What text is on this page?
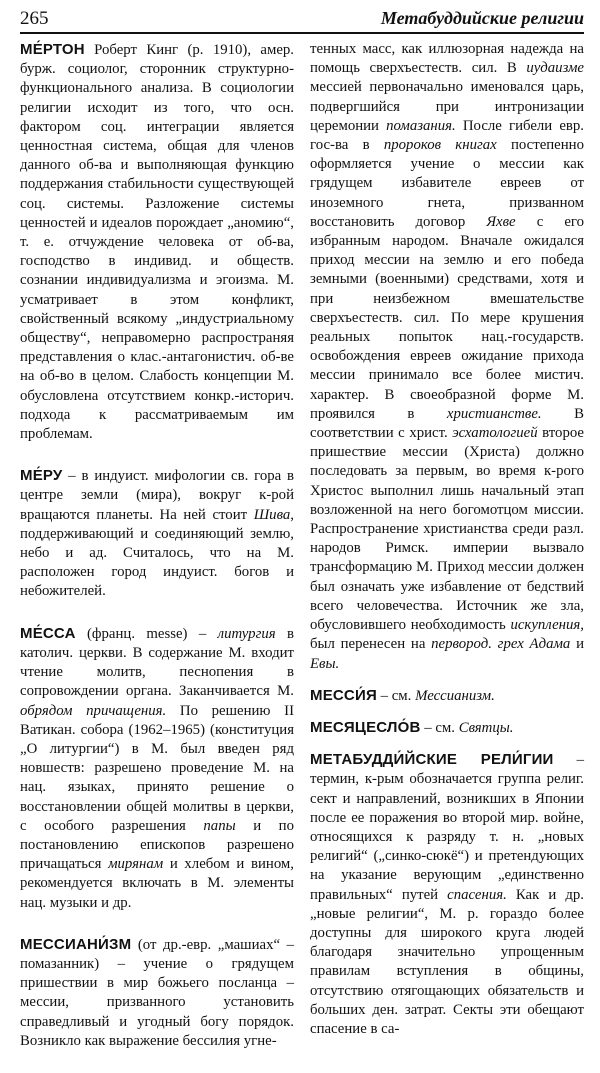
265	Метабуддийские религии

МЕ́РТОН Роберт Кинг (р. 1910), амер. бурж. социолог, сторонник структурно-функционального анализа. В социологии религии исходит из того, что осн. фактором соц. интеграции является ценностная система, общая для членов данного об-ва и выполняющая функцию поддержания стабильности существующей соц. системы. Разложение системы ценностей и идеалов порождает „аномию“, т. е. отчуждение человека от об-ва, господство в индивид. и обществ. сознании индивидуализма и эгоизма. М. усматривает в этом конфликт, свойственный всякому „индустриальному обществу“, неправомерно распространяя представления о клас.-антагонистич. об-ве на об-во в целом. Слабость концепции М. обусловлена отсутствием конкр.-историч. подхода к рассматриваемым им проблемам.

МЕ́РУ – в индуист. мифологии св. гора в центре земли (мира), вокруг к-рой вращаются планеты. На ней стоит Шива, поддерживающий и соединяющий землю, небо и ад. Считалось, что на М. расположен город индуист. богов и небожителей.

МЕ́ССА (франц. messe) – литургия в католич. церкви. В содержание М. входит чтение молитв, песнопения в сопровождении органа. Заканчивается М. обрядом причащения. По решению II Ватикан. собора (1962–1965) (конституция „О литургии“) в М. был введен ряд новшеств: разрешено проведение М. на нац. языках, принято решение о восстановлении общей молитвы в церкви, с особого разрешения папы и по постановлению епископов разрешено причащаться мирянам и хлебом и вином, рекомендуется включать в М. элементы нац. музыки и др.

МЕССИАНИ́ЗМ (от др.-евр. „машиах“ – помазанник) – учение о грядущем пришествии в мир божьего посланца – мессии, призванного установить справедливый и угодный богу порядок. Возникло как выражение бессилия угне-

тенных масс, как иллюзорная надежда на помощь сверхъестеств. сил. В иудаизме мессией первоначально именовался царь, подвергшийся при интронизации церемонии помазания. После гибели евр. гос-ва в пророков книгах постепенно оформляется учение о мессии как грядущем избавителе евреев от иноземного гнета, призванном восстановить договор Яхве с его избранным народом. Вначале ожидался приход мессии на землю и его победа земными (военными) средствами, хотя и при неизбежном вмешательстве сверхъестеств. сил. По мере крушения реальных попыток нац.-государств. освобождения евреев ожидание прихода мессии принимало все более мистич. характер. В своеобразной форме М. проявился в христианстве. В соответствии с христ. эсхатологией второе пришествие мессии (Христа) должно последовать за первым, во время к-рого Христос выполнил лишь начальный этап возложенной на него богомотцом миссии. Распространение христианства среди разл. народов Римск. империи вызвало трансформацию М. Приход мессии должен был означать уже избавление от бедствий всего человечества. Источник же зла, обусловившего необходимость искупления, был перенесен на первород. грех Адама и Евы.

МЕССИ́Я – см. Мессианизм.

МЕСЯЦЕСЛО́В – см. Святцы.

МЕТАБУДДИ́ЙСКИЕ РЕЛИ́ГИИ – термин, к-рым обозначается группа религ. сект и направлений, возникших в Японии после ее поражения во второй мир. войне, относящихся к разряду т. н. „новых религий“ („синко-сюкё“) и претендующих на указание верующим „единственно правильных“ путей спасения. Как и др. „новые религии“, М. р. гораздо более доступны для широкого круга людей благодаря значительно упрощенным правилам вступления в общины, отсутствию отягощающих обязательств и больших ден. затрат. Секты эти обещают спасение в са-
